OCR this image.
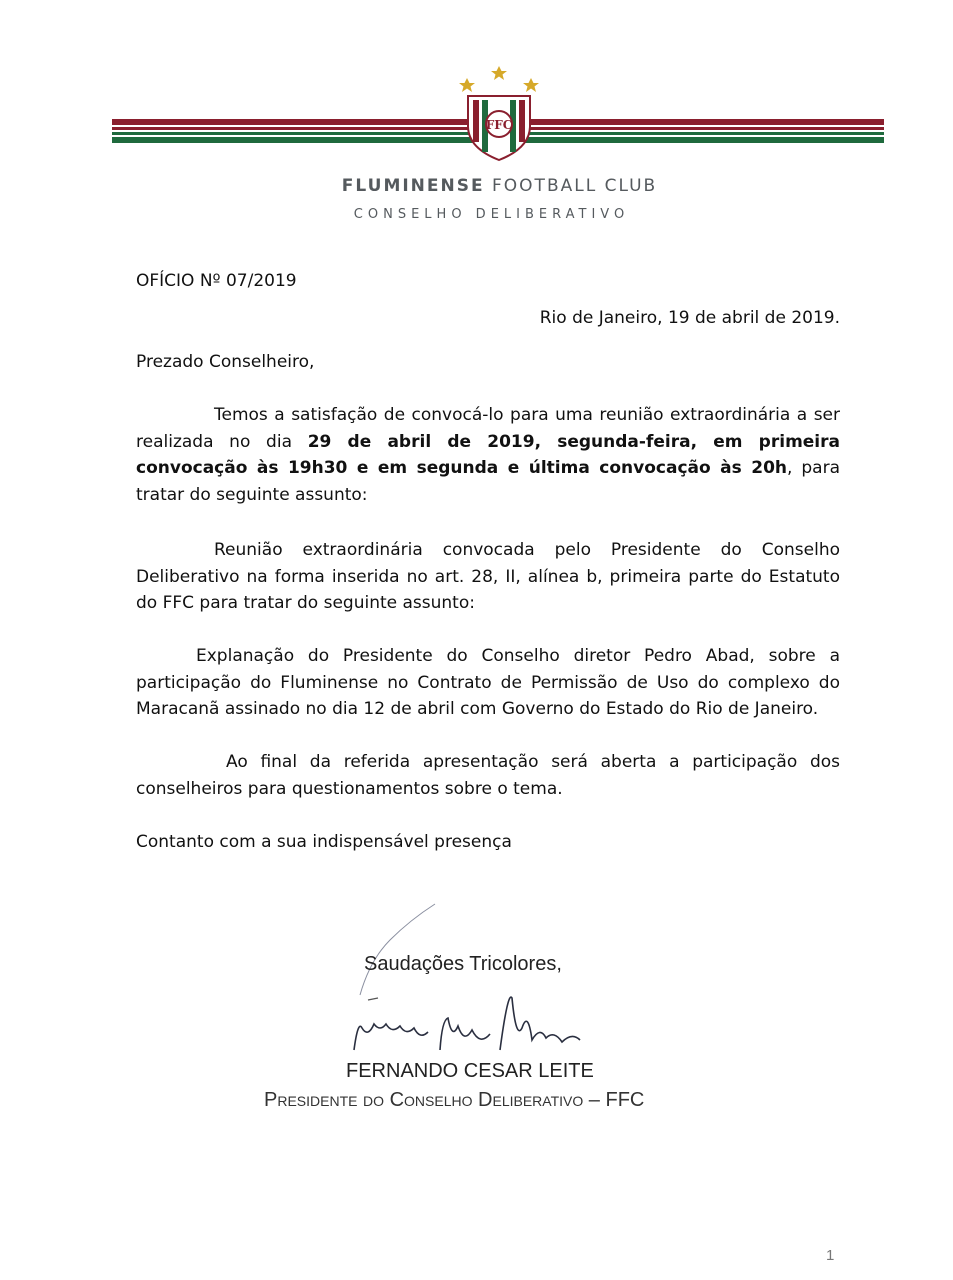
FFC
FLUMINENSE FOOTBALL CLUB
CONSELHO DELIBERATIVO
OFÍCIO Nº 07/2019
Rio de Janeiro, 19 de abril de 2019.
Prezado Conselheiro,
Temos a satisfação de convocá-lo para uma reunião extraordinária a ser realizada no dia 29 de abril de 2019, segunda-feira, em primeira convocação às 19h30 e em segunda e última convocação às 20h, para tratar do seguinte assunto:
Reunião extraordinária convocada pelo Presidente do Conselho Deliberativo na forma inserida no art. 28, II, alínea b, primeira parte do Estatuto do FFC para tratar do seguinte assunto:
Explanação do Presidente do Conselho diretor Pedro Abad, sobre a participação do Fluminense no Contrato de Permissão de Uso do complexo do Maracanã assinado no dia 12 de abril com Governo do Estado do Rio de Janeiro.
Ao final da referida apresentação será aberta a participação dos conselheiros para questionamentos sobre o tema.
Contanto com a sua indispensável presença
Saudações Tricolores,
FERNANDO CESAR LEITE
Presidente do Conselho Deliberativo – FFC
1
